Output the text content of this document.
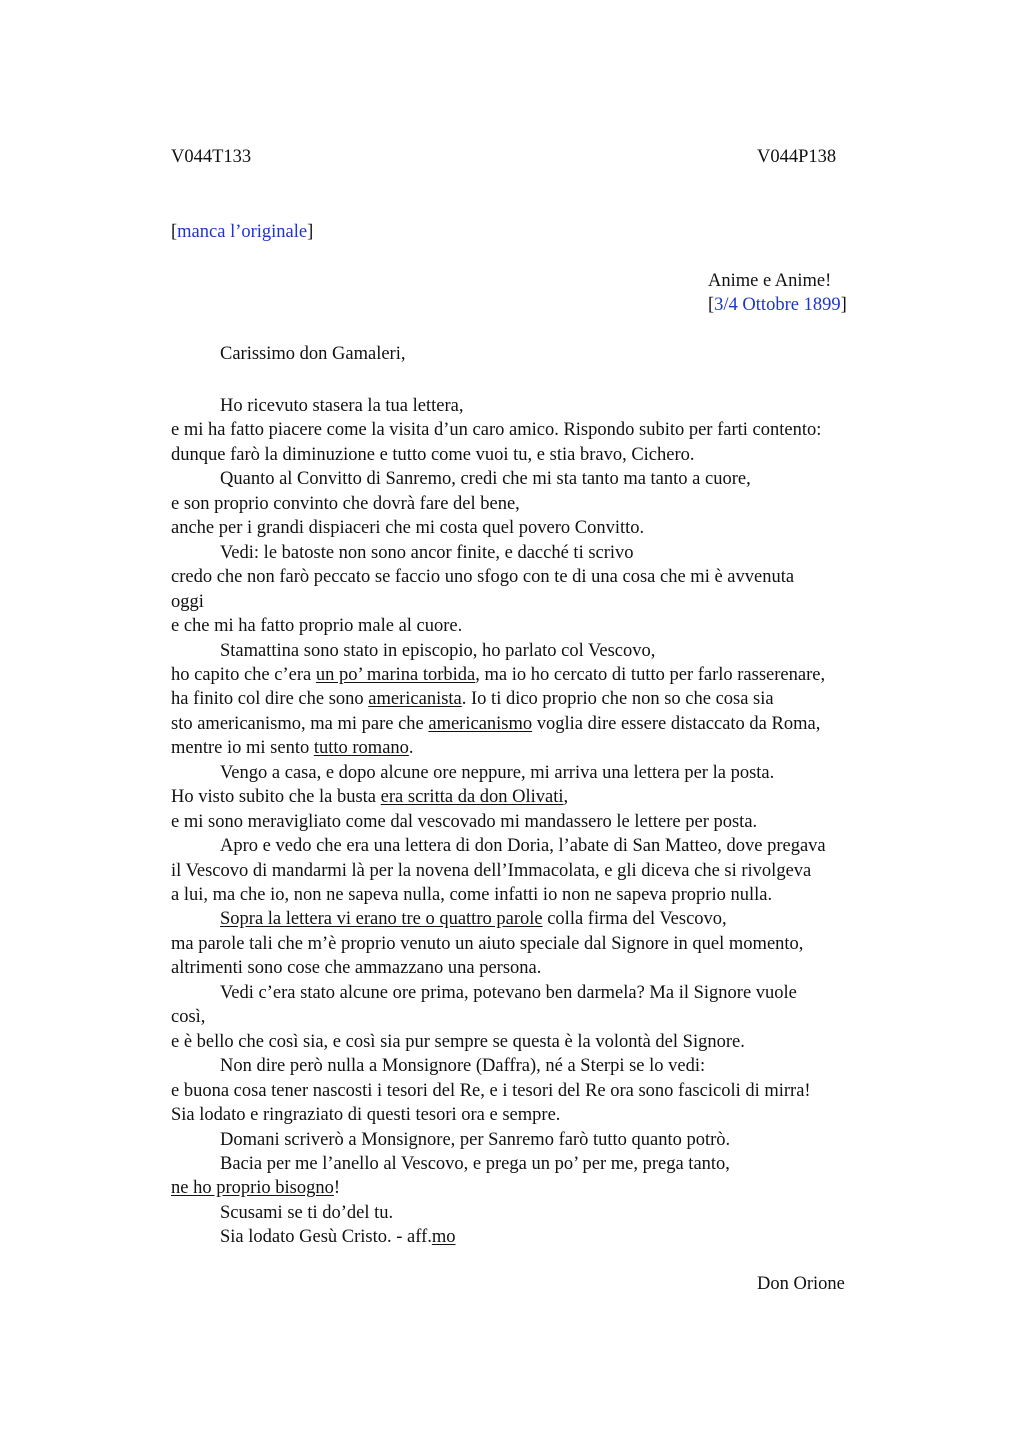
V044T133	V044P138
[manca l’originale]
Anime e Anime!
[3/4 Ottobre 1899]
Carissimo don Gamaleri,
Ho ricevuto stasera la tua lettera,
e mi ha fatto piacere come la visita d’un caro amico. Rispondo subito per farti contento:
dunque farò la diminuzione e tutto come vuoi tu, e stia bravo, Cichero.
Quanto al Convitto di Sanremo, credi che mi sta tanto ma tanto a cuore,
e son proprio convinto che dovrà fare del bene,
anche per i grandi dispiaceri che mi costa quel povero Convitto.
Vedi: le batoste non sono ancor finite, e dacché ti scrivo
credo che non farò peccato se faccio uno sfogo con te di una cosa che mi è avvenuta
oggi
e che mi ha fatto proprio male al cuore.
Stamattina sono stato in episcopio, ho parlato col Vescovo,
ho capito che c’era un po’ marina torbida, ma io ho cercato di tutto per farlo rasserenare,
ha finito col dire che sono americanista. Io ti dico proprio che non so che cosa sia
sto americanismo, ma mi pare che americanismo voglia dire essere distaccato da Roma,
mentre io mi sento tutto romano.
Vengo a casa, e dopo alcune ore neppure, mi arriva una lettera per la posta.
Ho visto subito che la busta era scritta da don Olivati,
e mi sono meravigliato come dal vescovado mi mandassero le lettere per posta.
Apro e vedo che era una lettera di don Doria, l’abate di San Matteo, dove pregava
il Vescovo di mandarmi là per la novena dell’Immacolata, e gli diceva che si rivolgeva
a lui, ma che io, non ne sapeva nulla, come infatti io non ne sapeva proprio nulla.
Sopra la lettera vi erano tre o quattro parole colla firma del Vescovo,
ma parole tali che m’è proprio venuto un aiuto speciale dal Signore in quel momento,
altrimenti sono cose che ammazzano una persona.
Vedi c’era stato alcune ore prima, potevano ben darmela? Ma il Signore vuole
così,
e è bello che così sia, e così sia pur sempre se questa è la volontà del Signore.
Non dire però nulla a Monsignore (Daffra), né a Sterpi se lo vedi:
e buona cosa tener nascosti i tesori del Re, e i tesori del Re ora sono fascicoli di mirra!
Sia lodato e ringraziato di questi tesori ora e sempre.
Domani scriverò a Monsignore, per Sanremo farò tutto quanto potrò.
Bacia per me l’anello al Vescovo, e prega un po’ per me, prega tanto,
ne ho proprio bisogno!
Scusami se ti do’del tu.
Sia lodato Gesù Cristo. - aff.mo
Don Orione
